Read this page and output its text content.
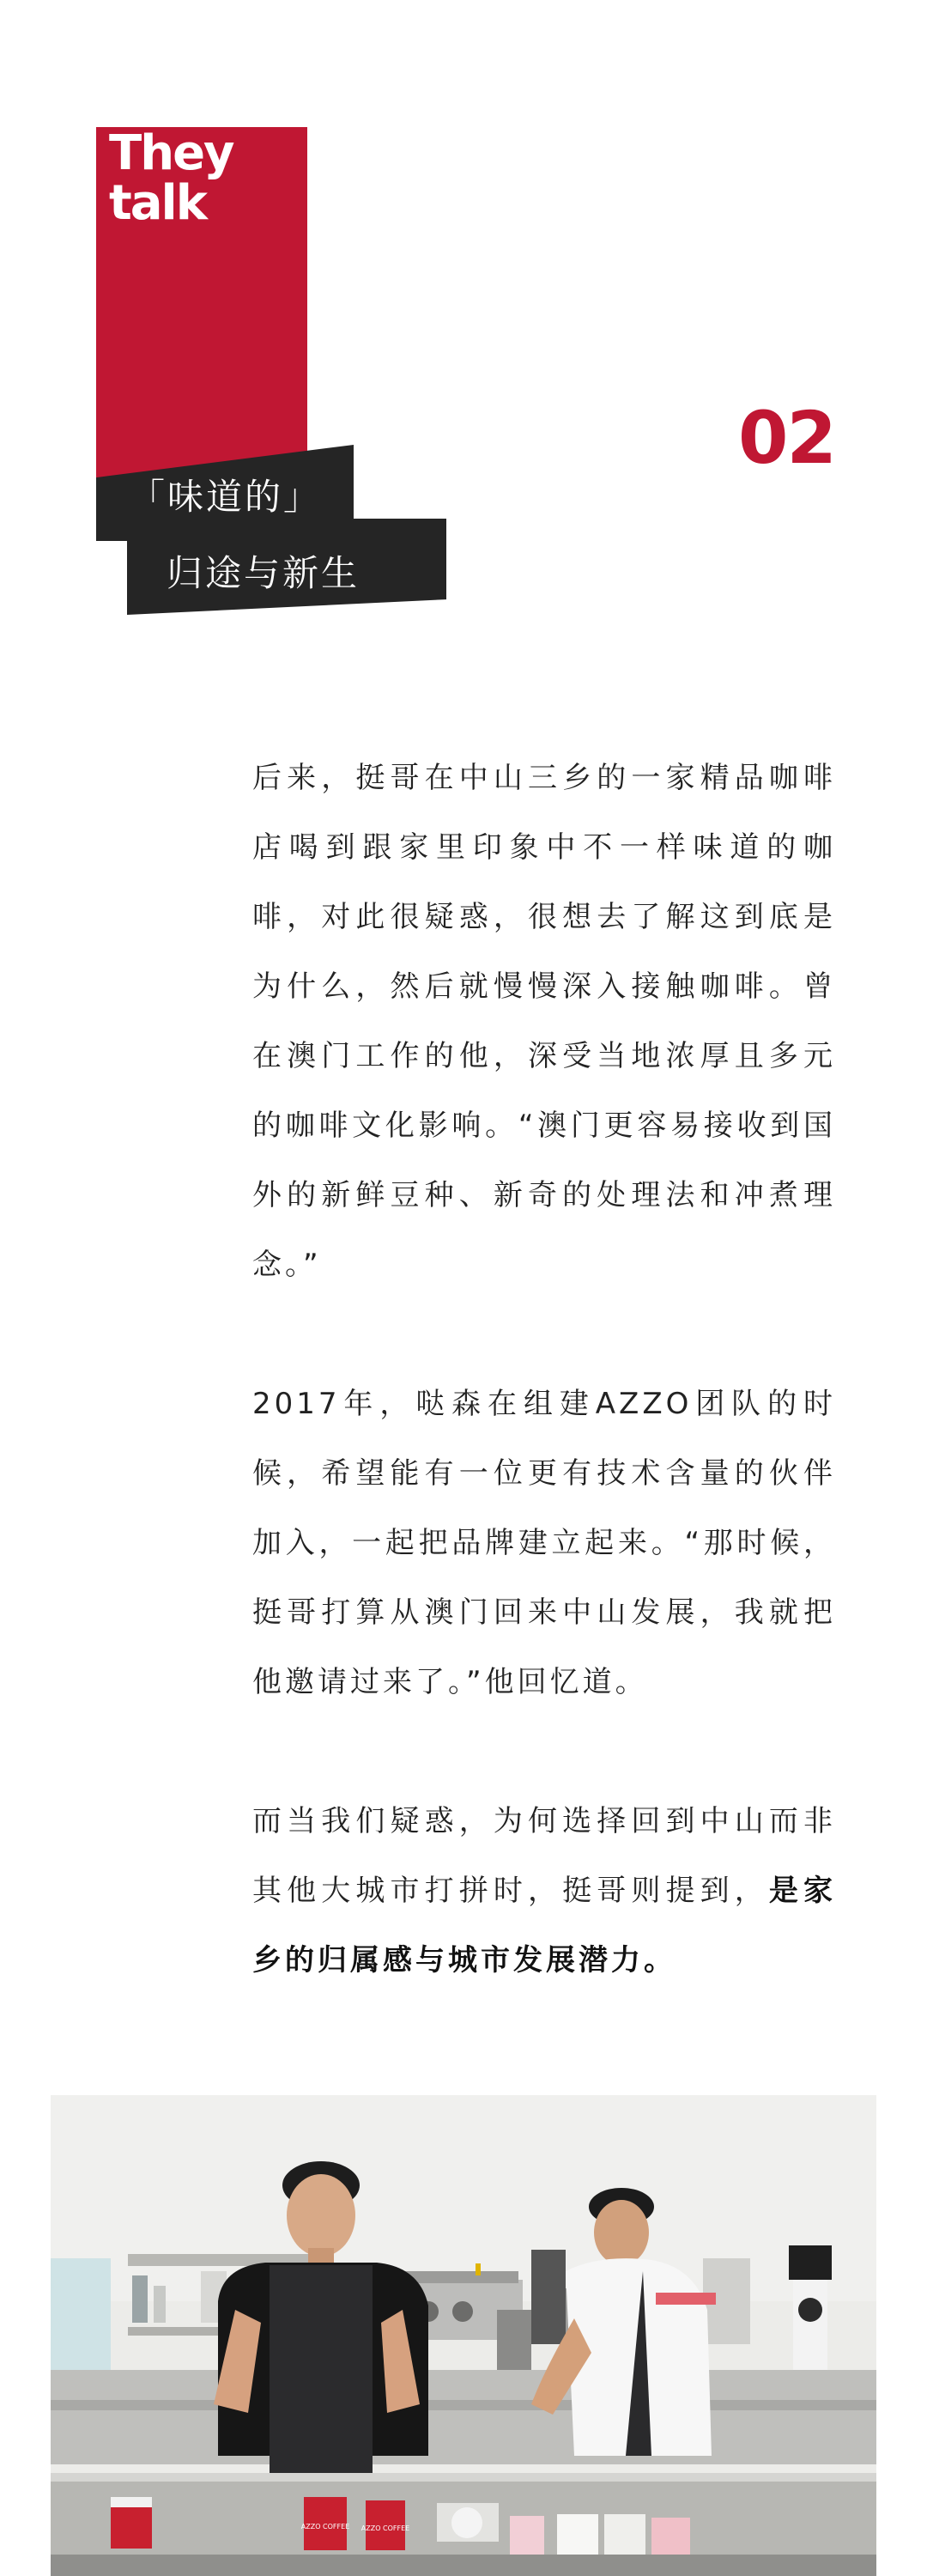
They
talk
02
「味道的」
归途与新生

后来，挺哥在中山三乡的一家精品咖啡店喝到跟家里印象中不一样味道的咖啡，对此很疑惑，很想去了解这到底是为什么，然后就慢慢深入接触咖啡。曾在澳门工作的他，深受当地浓厚且多元的咖啡文化影响。“澳门更容易接收到国外的新鲜豆种、新奇的处理法和冲煮理念。”

2017年，哒森在组建AZZO团队的时候，希望能有一位更有技术含量的伙伴加入，一起把品牌建立起来。“那时候，挺哥打算从澳门回来中山发展，我就把他邀请过来了。”他回忆道。

而当我们疑惑，为何选择回到中山而非其他大城市打拼时，挺哥则提到，是家乡的归属感与城市发展潜力。

AZZO COFFEE AZZO COFFEE
